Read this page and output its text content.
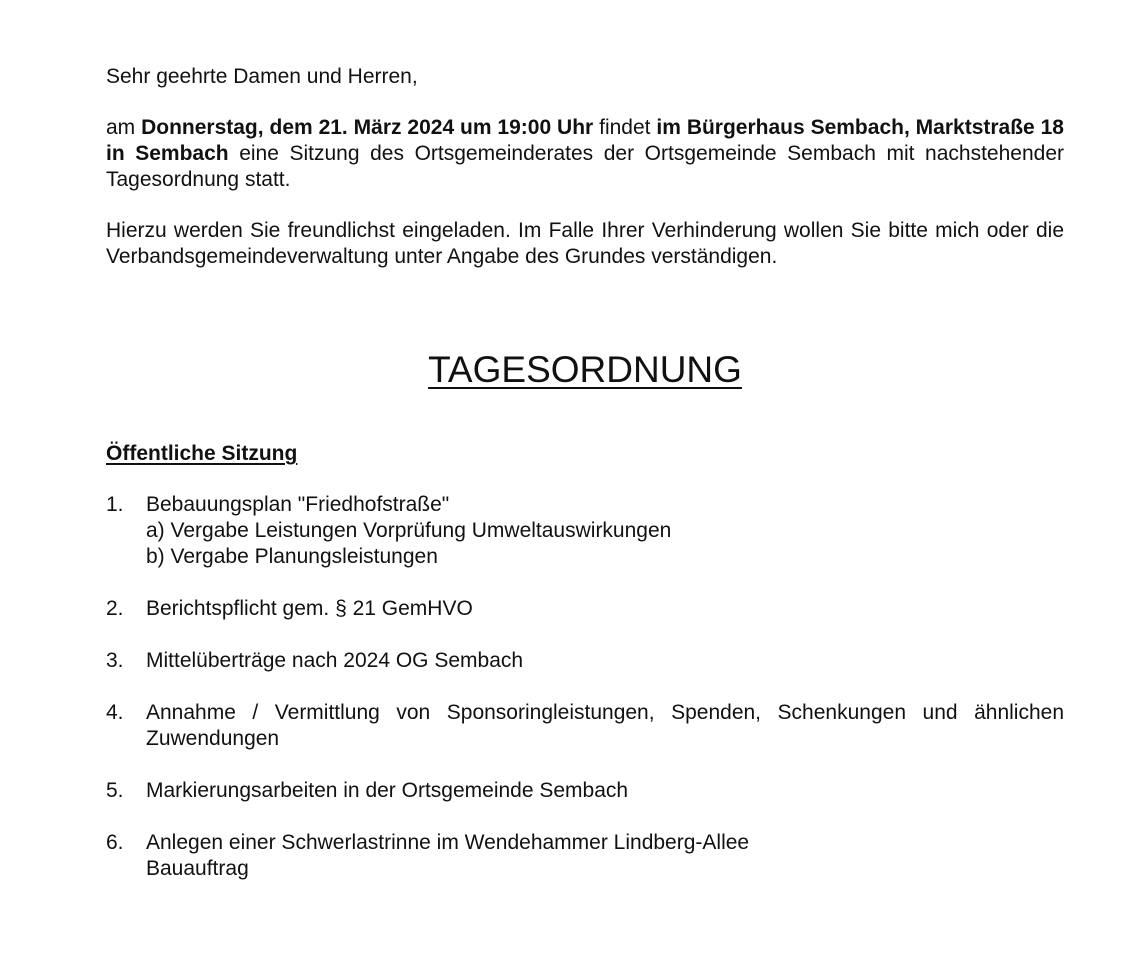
Sehr geehrte Damen und Herren,

am Donnerstag, dem 21. März 2024 um 19:00 Uhr findet im Bürgerhaus Sembach, Marktstraße 18 in Sembach eine Sitzung des Ortsgemeinderates der Ortsgemeinde Sembach mit nachstehender Tagesordnung statt.

Hierzu werden Sie freundlichst eingeladen. Im Falle Ihrer Verhinderung wollen Sie bitte mich oder die Verbandsgemeindeverwaltung unter Angabe des Grundes verständigen.

TAGESORDNUNG
Öffentliche Sitzung
1. Bebauungsplan "Friedhofstraße"
a) Vergabe Leistungen Vorprüfung Umweltauswirkungen
b) Vergabe Planungsleistungen
2. Berichtspflicht gem. § 21 GemHVO
3. Mittelüberträge nach 2024 OG Sembach
4. Annahme / Vermittlung von Sponsoringleistungen, Spenden, Schenkungen und ähnlichen Zuwendungen
5. Markierungsarbeiten in der Ortsgemeinde Sembach
6. Anlegen einer Schwerlastrinne im Wendehammer Lindberg-Allee
Bauauftrag
